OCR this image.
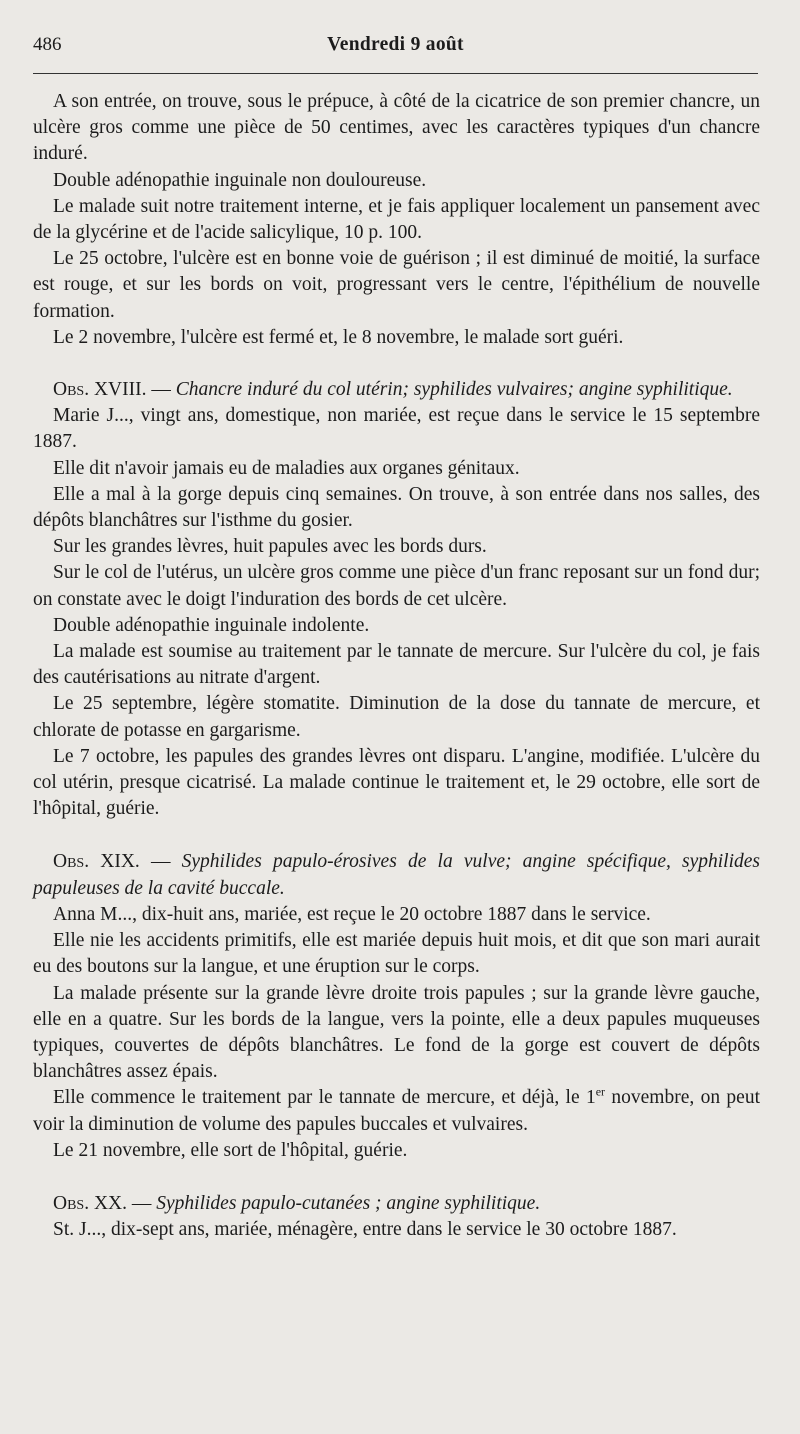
486	Vendredi 9 août

A son entrée, on trouve, sous le prépuce, à côté de la cicatrice de son premier chancre, un ulcère gros comme une pièce de 50 centimes, avec les caractères typiques d'un chancre induré.

Double adénopathie inguinale non douloureuse.

Le malade suit notre traitement interne, et je fais appliquer localement un pansement avec de la glycérine et de l'acide salicylique, 10 p. 100.

Le 25 octobre, l'ulcère est en bonne voie de guérison ; il est diminué de moitié, la surface est rouge, et sur les bords on voit, progressant vers le centre, l'épithélium de nouvelle formation.

Le 2 novembre, l'ulcère est fermé et, le 8 novembre, le malade sort guéri.

Obs. XVIII. — Chancre induré du col utérin; syphilides vulvaires; angine syphilitique.

Marie J..., vingt ans, domestique, non mariée, est reçue dans le service le 15 septembre 1887.

Elle dit n'avoir jamais eu de maladies aux organes génitaux.

Elle a mal à la gorge depuis cinq semaines. On trouve, à son entrée dans nos salles, des dépôts blanchâtres sur l'isthme du gosier.

Sur les grandes lèvres, huit papules avec les bords durs.

Sur le col de l'utérus, un ulcère gros comme une pièce d'un franc reposant sur un fond dur; on constate avec le doigt l'induration des bords de cet ulcère.

Double adénopathie inguinale indolente.

La malade est soumise au traitement par le tannate de mercure. Sur l'ulcère du col, je fais des cautérisations au nitrate d'argent.

Le 25 septembre, légère stomatite. Diminution de la dose du tannate de mercure, et chlorate de potasse en gargarisme.

Le 7 octobre, les papules des grandes lèvres ont disparu. L'angine, modifiée. L'ulcère du col utérin, presque cicatrisé. La malade continue le traitement et, le 29 octobre, elle sort de l'hôpital, guérie.

Obs. XIX. — Syphilides papulo-érosives de la vulve; angine spécifique, syphilides papuleuses de la cavité buccale.

Anna M..., dix-huit ans, mariée, est reçue le 20 octobre 1887 dans le service.

Elle nie les accidents primitifs, elle est mariée depuis huit mois, et dit que son mari aurait eu des boutons sur la langue, et une éruption sur le corps.

La malade présente sur la grande lèvre droite trois papules ; sur la grande lèvre gauche, elle en a quatre. Sur les bords de la langue, vers la pointe, elle a deux papules muqueuses typiques, couvertes de dépôts blanchâtres. Le fond de la gorge est couvert de dépôts blanchâtres assez épais.

Elle commence le traitement par le tannate de mercure, et déjà, le 1er novembre, on peut voir la diminution de volume des papules buccales et vulvaires.

Le 21 novembre, elle sort de l'hôpital, guérie.

Obs. XX. — Syphilides papulo-cutanées ; angine syphilitique.

St. J..., dix-sept ans, mariée, ménagère, entre dans le service le 30 octobre 1887.
